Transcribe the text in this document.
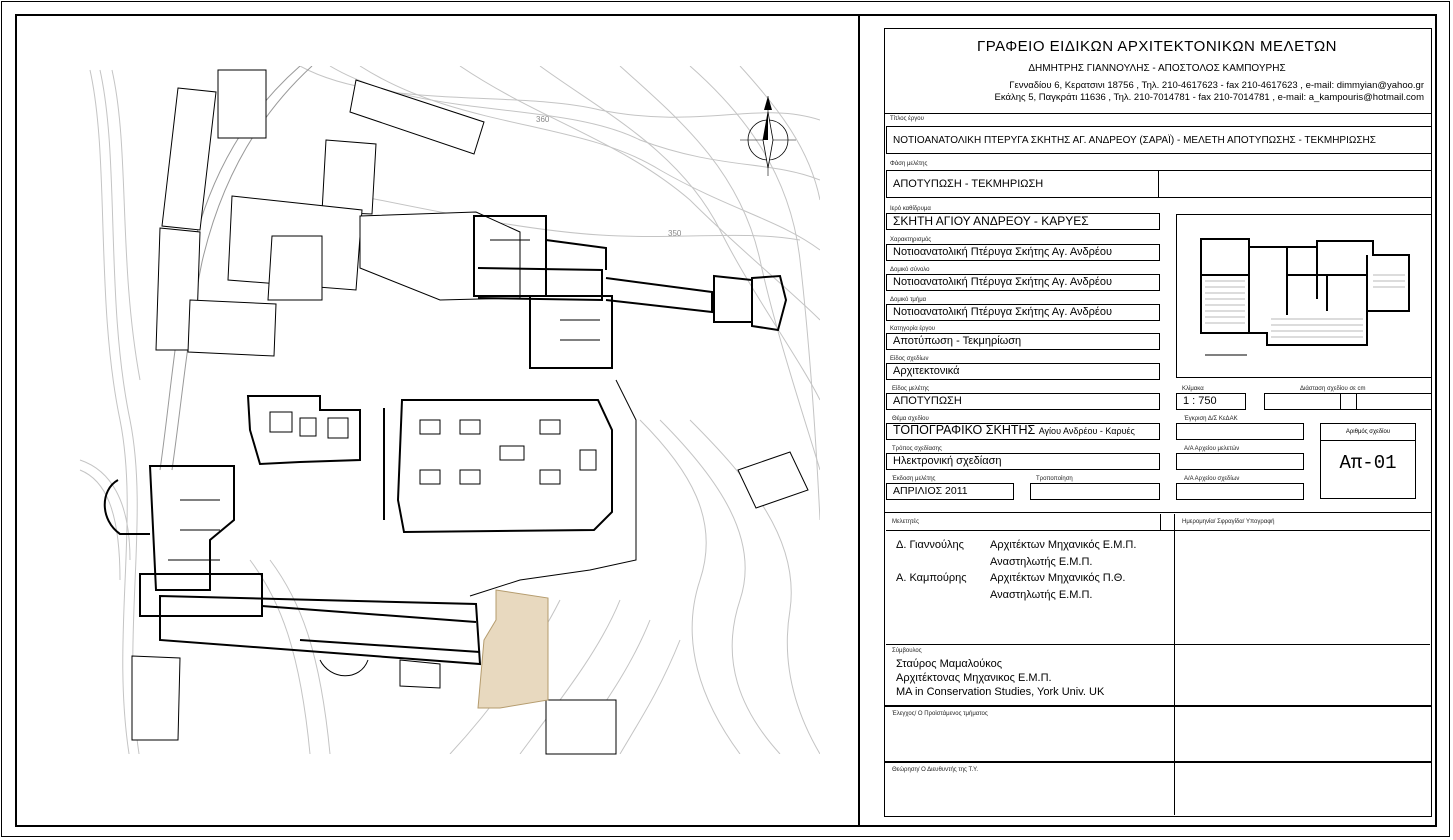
360
350
ΓΡΑΦΕΙΟ ΕΙΔΙΚΩΝ ΑΡΧΙΤΕΚΤΟΝΙΚΩΝ ΜΕΛΕΤΩΝ
ΔΗΜΗΤΡΗΣ ΓΙΑΝΝΟΥΛΗΣ - ΑΠΟΣΤΟΛΟΣ ΚΑΜΠΟΥΡΗΣ
Γενναδίου 6, Κερατσινι 18756 , Τηλ. 210-4617623 - fax 210-4617623 , e-mail: dimmyian@yahoo.gr
Εκάλης 5, Παγκράτι 11636 , Τηλ. 210-7014781 - fax 210-7014781 , e-mail: a_kampouris@hotmail.com
Τίτλος έργου
ΝΟΤΙΟΑΝΑΤΟΛΙΚΗ ΠΤΕΡΥΓΑ ΣΚΗΤΗΣ ΑΓ. ΑΝΔΡΕΟΥ (ΣΑΡΑΪ) - ΜΕΛΕΤΗ ΑΠΟΤΥΠΩΣΗΣ - ΤΕΚΜΗΡΙΩΣΗΣ
Φάση μελέτης
ΑΠΟΤΥΠΩΣΗ - ΤΕΚΜΗΡΙΩΣΗ
Ιερό καθίδρυμα
ΣΚΗΤΗ ΑΓΙΟΥ ΑΝΔΡΕΟΥ - ΚΑΡΥΕΣ
Χαρακτηρισμός
Νοτιοανατολική Πτέρυγα Σκήτης Αγ. Ανδρέου
Δομικό σύνολο
Νοτιοανατολική Πτέρυγα Σκήτης Αγ. Ανδρέου
Δομικό τμήμα
Νοτιοανατολική Πτέρυγα Σκήτης Αγ. Ανδρέου
Κατηγορία έργου
Αποτύπωση - Τεκμηρίωση
Είδος σχεδίων
Αρχιτεκτονικά
Είδος μελέτης
ΑΠΟΤΥΠΩΣΗ
Κλίμακα
1 : 750
Διάσταση σχεδίου σε cm
Θέμα σχεδίου
ΤΟΠΟΓΡΑΦΙΚΟ ΣΚΗΤΗΣ Αγίου Ανδρέου - Καρυές
Έγκριση Δ/Σ ΚεΔΑΚ
Αριθμός σχεδίου
Απ-01
Τρόπος σχεδίασης
Ηλεκτρονική σχεδίαση
Α/Α Αρχείου μελετών
Έκδοση μελέτης
ΑΠΡΙΛΙΟΣ 2011
Τροποποίηση	Α/Α Αρχείου σχεδίων
Μελετητές	Ημερομηνία/ Σφραγίδα/ Υπογραφή
Δ. Γιαννούλης Αρχιτέκτων Μηχανικός Ε.Μ.Π.
Αναστηλωτής Ε.Μ.Π.
Α. Καμπούρης Αρχιτέκτων Μηχανικός Π.Θ.
Αναστηλωτής Ε.Μ.Π.
Σύμβουλος
Σταύρος Μαμαλούκος
Αρχιτέκτονας Μηχανικος Ε.Μ.Π.
MA in Conservation Studies, York Univ. UK
Έλεγχος/ Ο Προϊστάμενος τμήματος
Θεώρηση/ Ο Διευθυντής της Τ.Υ.
